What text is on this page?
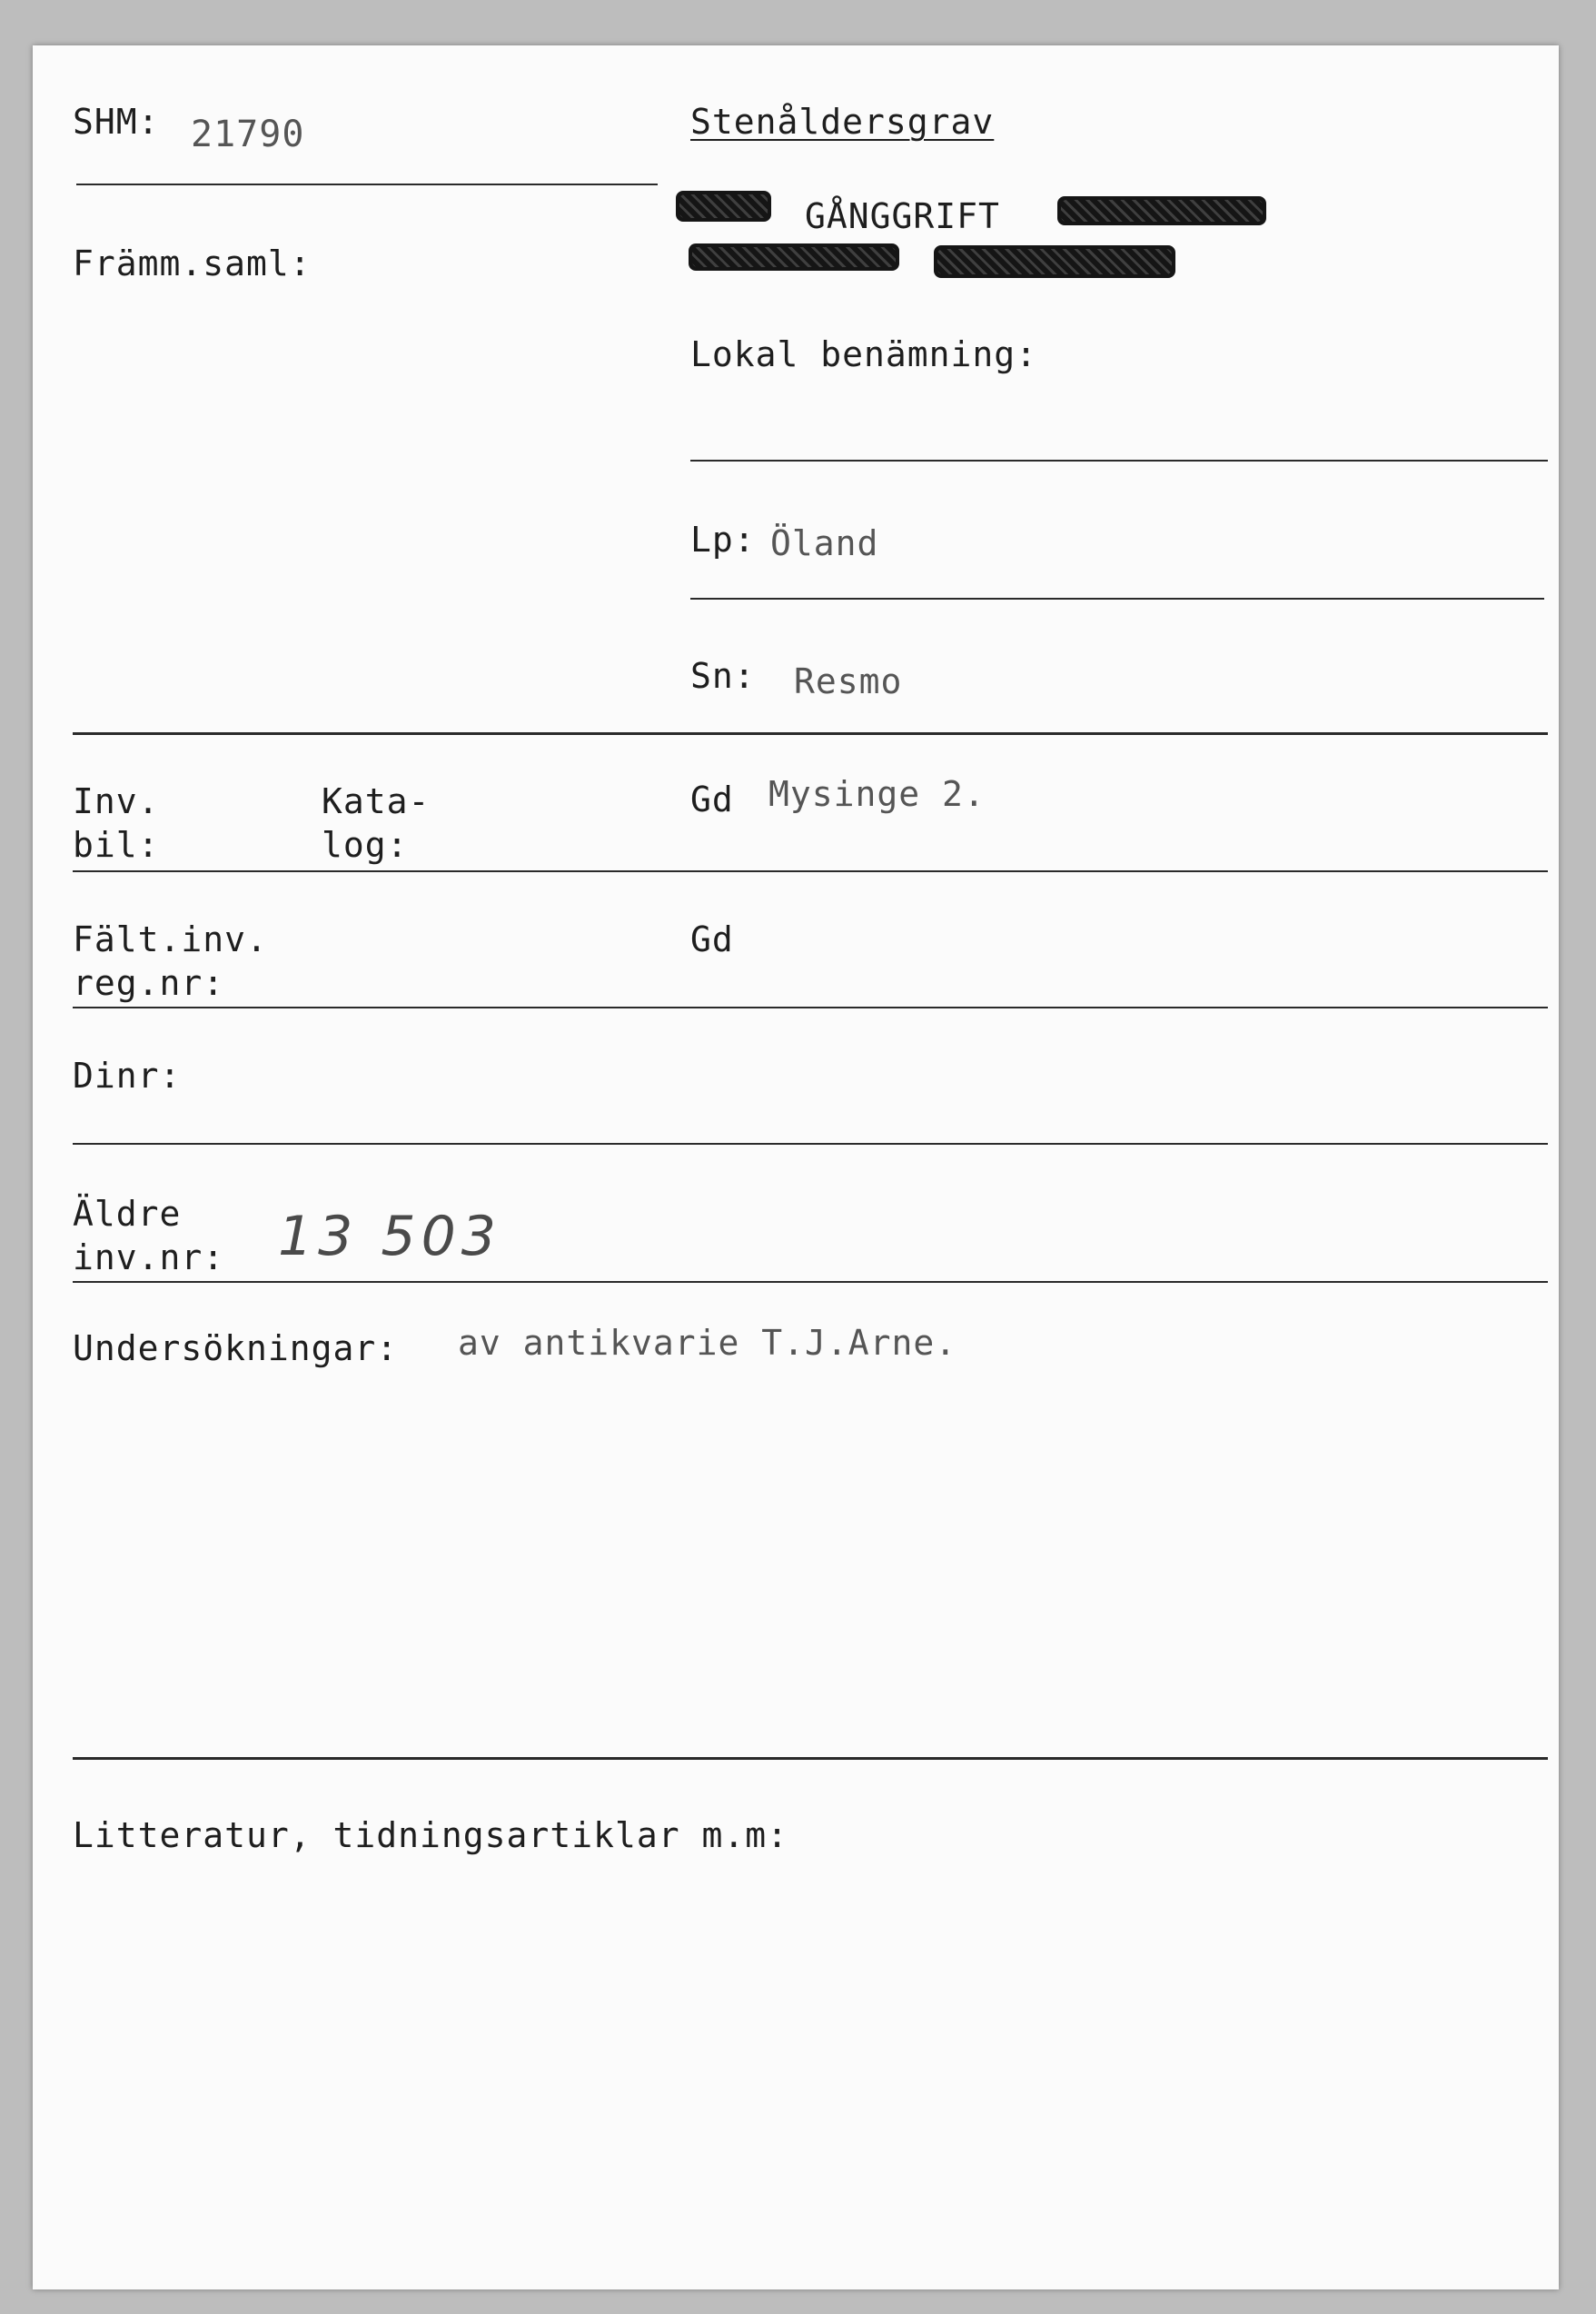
SHM: 21790	Stenåldersgrav
Främm.saml:
GÅNGGRIFT
Lokal benämning:
Lp: Öland
Sn: Resmo
Inv.
bil:
Kata-
log:
Gd Mysinge 2.
Fält.inv.
reg.nr:
Gd
Dinr:
Äldre
inv.nr: 13 503
Undersökningar: av antikvarie T.J.Arne.
Litteratur, tidningsartiklar m.m:
